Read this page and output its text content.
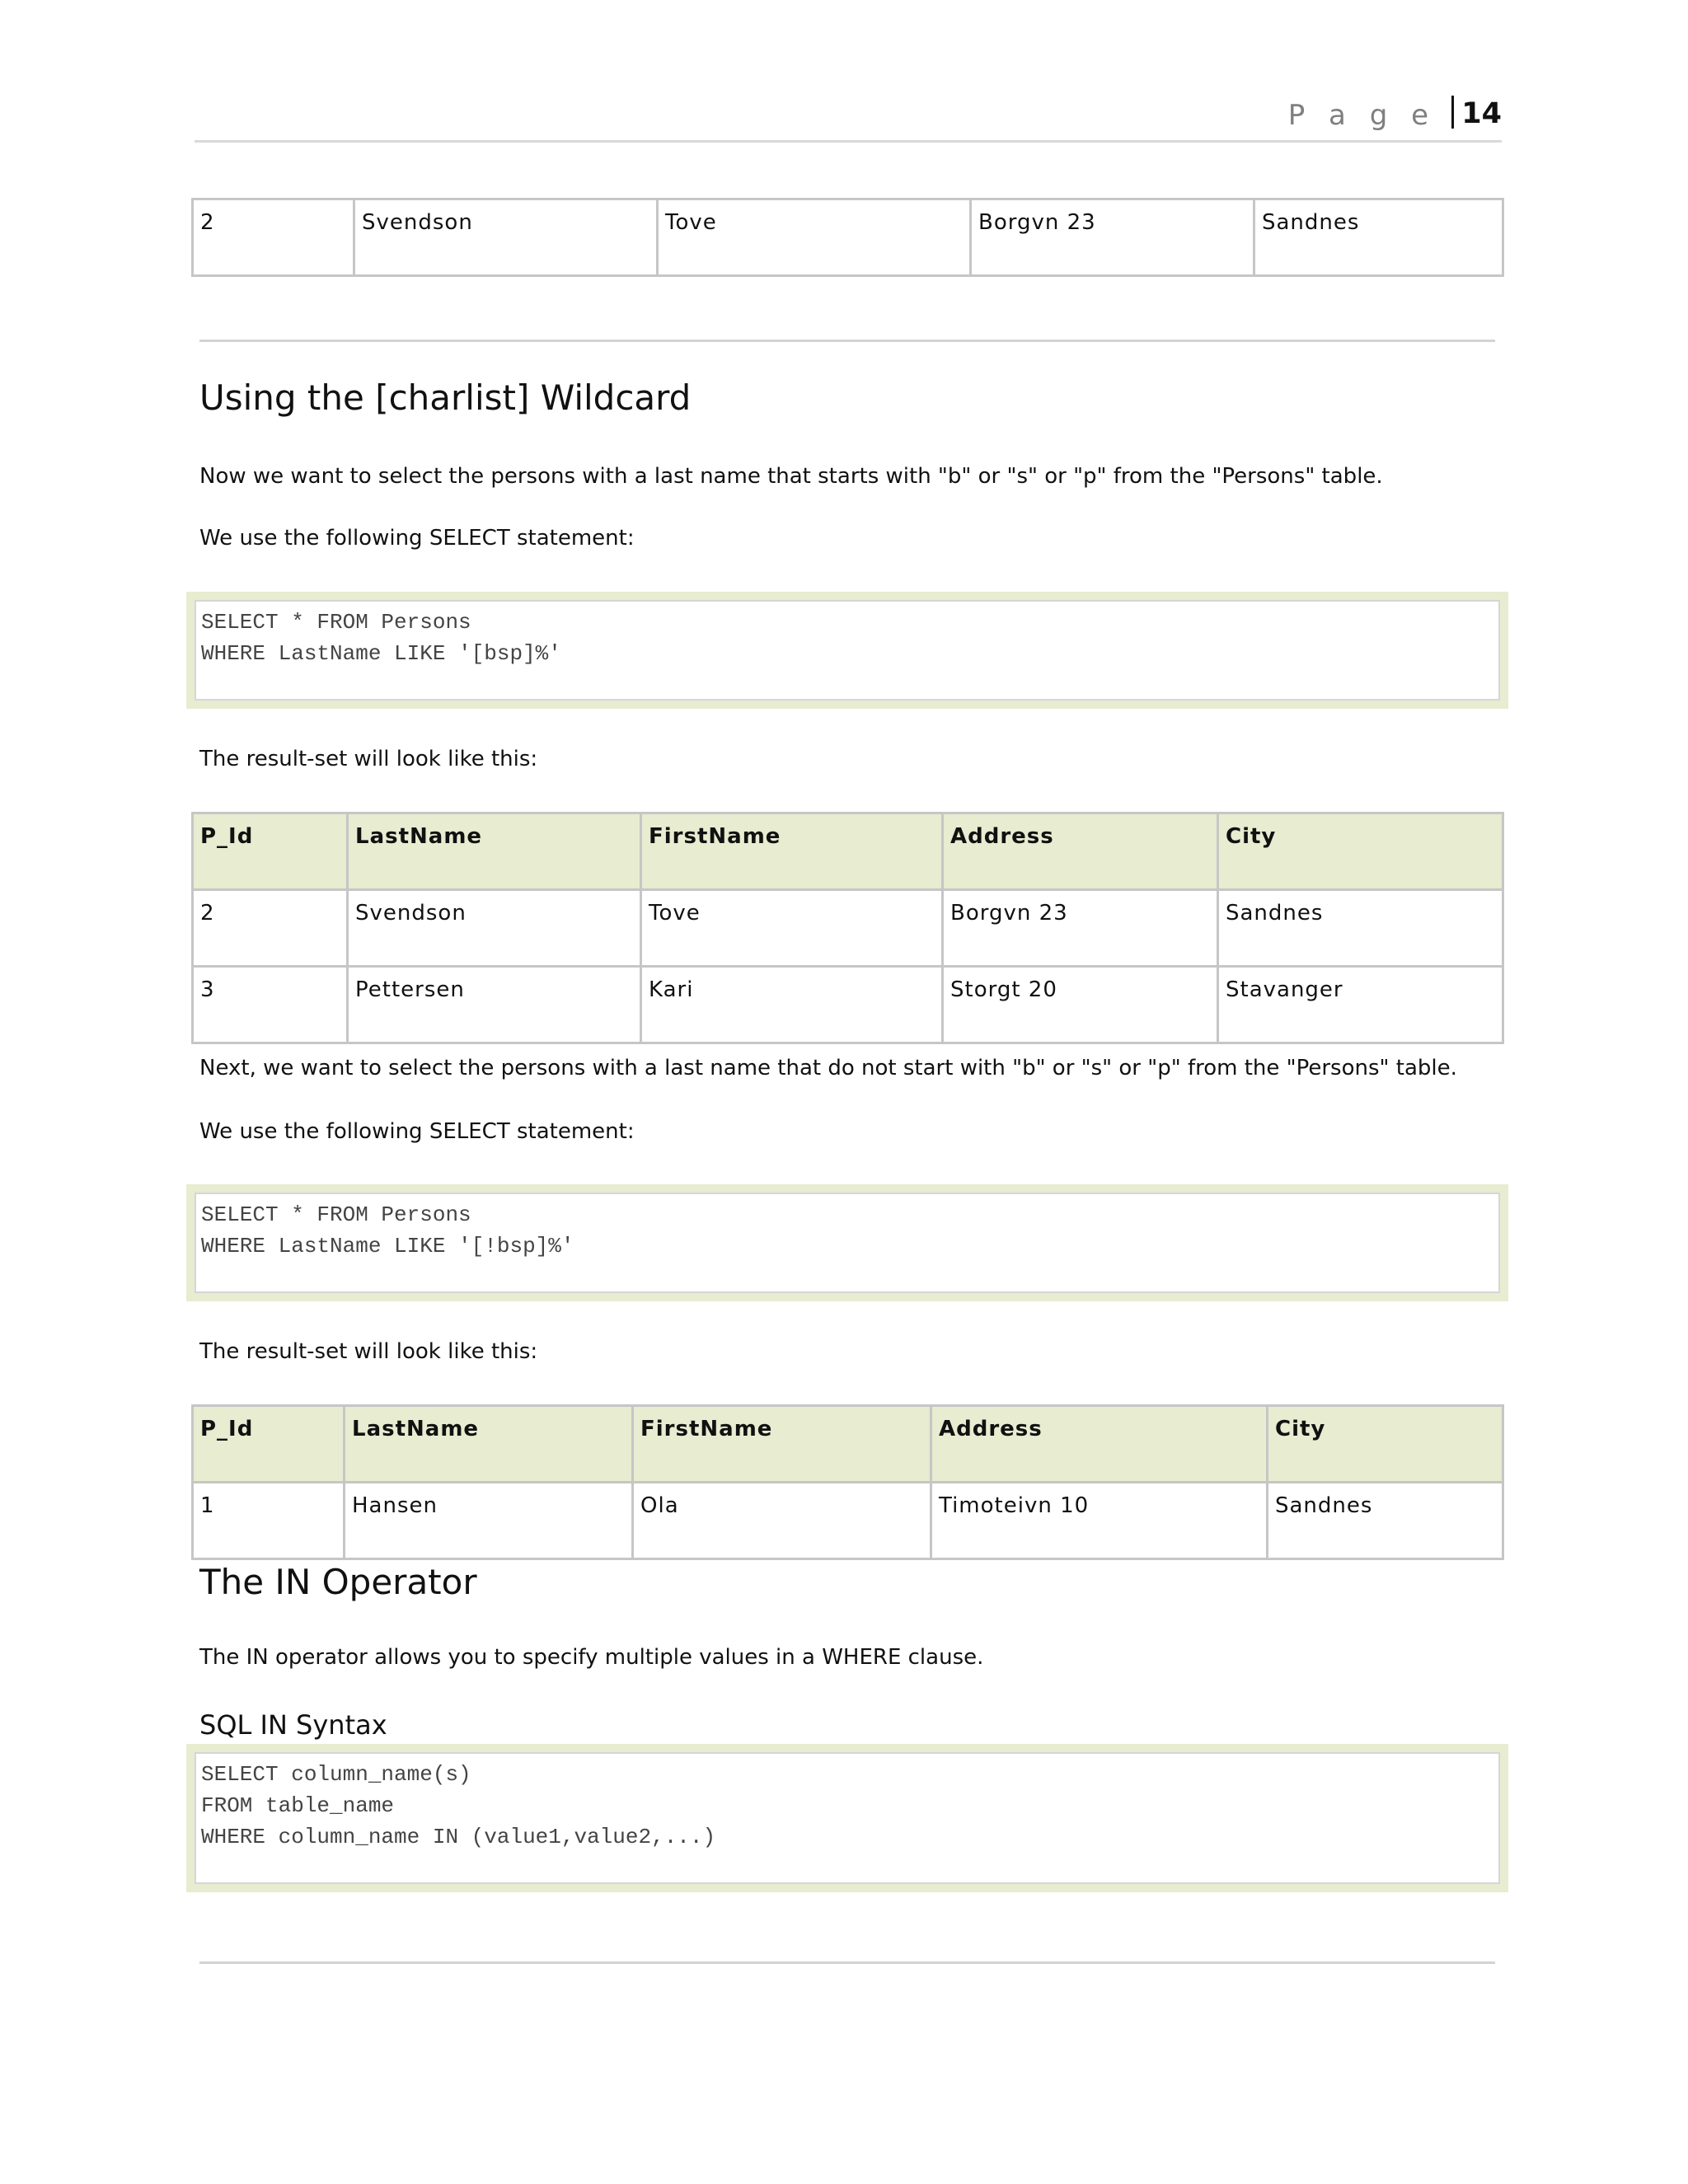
P a g e 14
2	Svendson	Tove	Borgvn 23	Sandnes
Using the [charlist] Wildcard

Now we want to select the persons with a last name that starts with "b" or "s" or "p" from the "Persons" table.

We use the following SELECT statement:

SELECT * FROM Persons
WHERE LastName LIKE '[bsp]%'

The result-set will look like this:

P_Id	LastName	FirstName	Address	City
2	Svendson	Tove	Borgvn 23	Sandnes
3	Pettersen	Kari	Storgt 20	Stavanger

Next, we want to select the persons with a last name that do not start with "b" or "s" or "p" from the "Persons" table.

We use the following SELECT statement:

SELECT * FROM Persons
WHERE LastName LIKE '[!bsp]%'

The result-set will look like this:

P_Id	LastName	FirstName	Address	City
1	Hansen	Ola	Timoteivn 10	Sandnes
The IN Operator

The IN operator allows you to specify multiple values in a WHERE clause.

SQL IN Syntax
SELECT column_name(s)
FROM table_name
WHERE column_name IN (value1,value2,...)
